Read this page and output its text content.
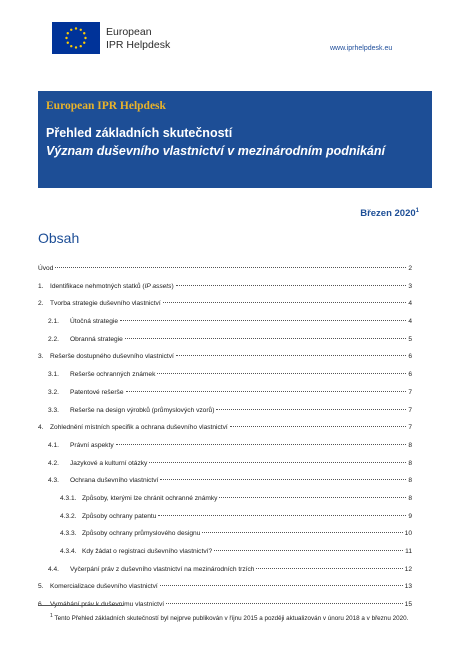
European
IPR Helpdesk	www.iprhelpdesk.eu
European IPR Helpdesk
Přehled základních skutečností
Význam duševního vlastnictví v mezinárodním podnikání
Březen 2020$^1$
Obsah
Úvod	2
1. Identifikace nehmotných statků (IP assets)	3
2. Tvorba strategie duševního vlastnictví	4
2.1.	Útočná strategie	4
2.2.	Obranná strategie	5
3. Rešerše dostupného duševního vlastnictví	6
3.1.	Rešerše ochranných známek	6
3.2.	Patentové rešerše	7
3.3.	Rešerše na design výrobků (průmyslových vzorů)	7
4. Zohlednění místních specifik a ochrana duševního vlastnictví	7
4.1.	Právní aspekty	8
4.2.	Jazykové a kulturní otázky	8
4.3.	Ochrana duševního vlastnictví	8
4.3.1. Způsoby, kterými lze chránit ochranné známky	8
4.3.2. Způsoby ochrany patentu	9
4.3.3. Způsoby ochrany průmyslového designu	10
4.3.4. Kdy žádat o registraci duševního vlastnictví?	11
4.4.	Vyčerpání práv z duševního vlastnictví na mezinárodních trzích	12
5. Komercializace duševního vlastnictví	13
6. Vymáhání práv k duševnímu vlastnictví	15
$^1$ Tento Přehled základních skutečností byl nejprve publikován v říjnu 2015 a později aktualizován v únoru 2018 a v březnu 2020.
